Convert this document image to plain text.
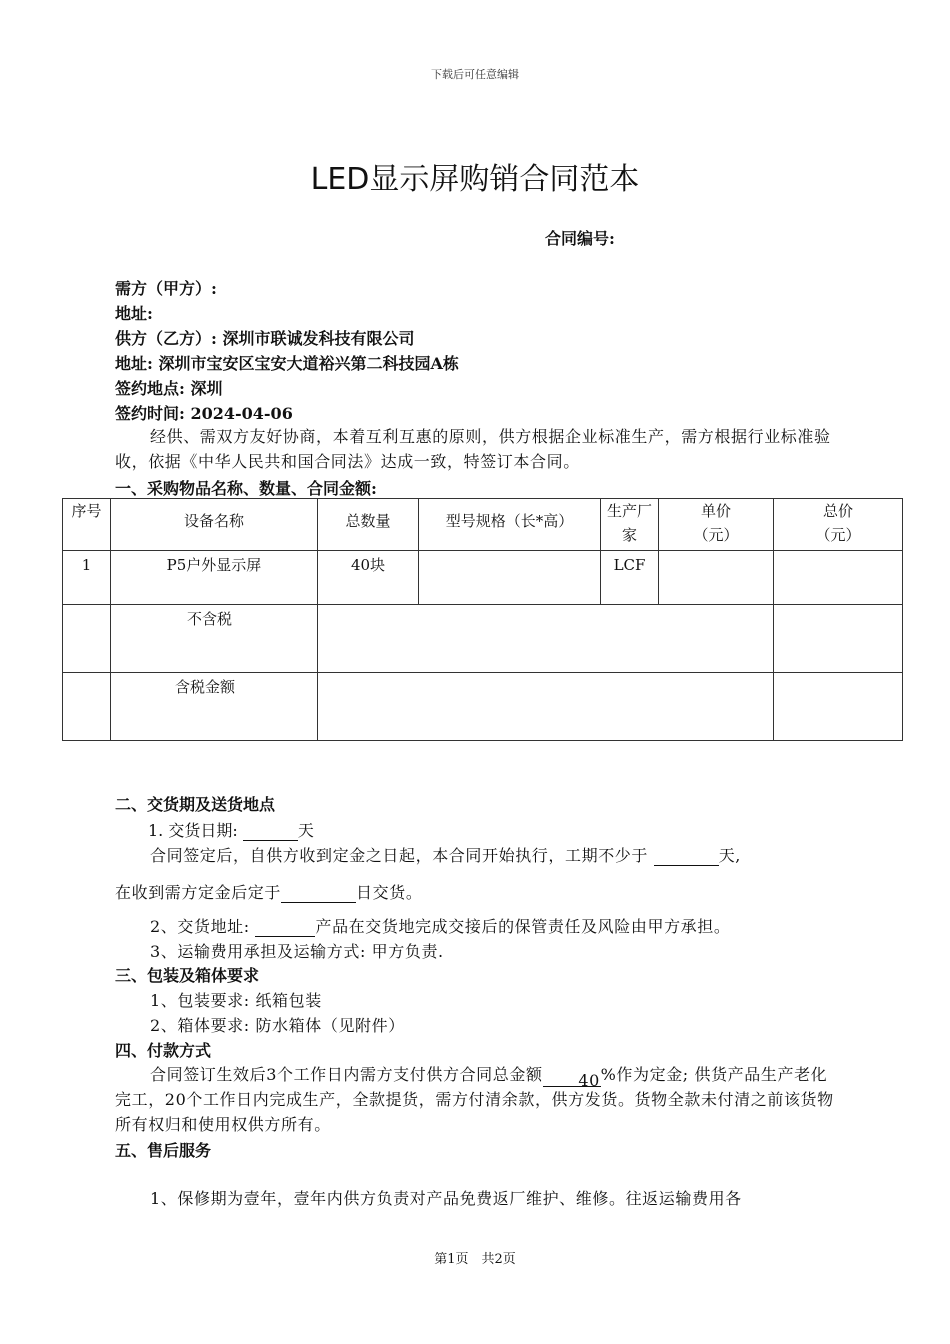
下载后可任意编辑
LED显示屏购销合同范本
合同编号:
需方（甲方）:
地址:
供方（乙方）: 深圳市联诚发科技有限公司
地址: 深圳市宝安区宝安大道裕兴第二科技园A栋
签约地点: 深圳
签约时间: 2024-04-06
经供、需双方友好协商，本着互利互惠的原则，供方根据企业标准生产，需方根据行业标准验收，依据《中华人民共和国合同法》达成一致，特签订本合同。
一、采购物品名称、数量、合同金额:
序号	设备名称	总数量	型号规格（长*高）	生产厂家	单价（元）	总价（元）
1	P5户外显示屏	40块		LCF		
	不含税					
	含税金额					
二、交货期及送货地点
1. 交货日期:	天
合同签定后，自供方收到定金之日起，本合同开始执行，工期不少于	天,
在收到需方定金后定于	日交货。
2、交货地址:	产品在交货地完成交接后的保管责任及风险由甲方承担。
3、运输费用承担及运输方式: 甲方负责.
三、包装及箱体要求
1、包装要求: 纸箱包装
2、箱体要求: 防水箱体（见附件）
四、付款方式
合同签订生效后3个工作日内需方支付供方合同总金额 40%作为定金; 供货产品生产老化完工，20个工作日内完成生产，全款提货，需方付清余款，供方发货。货物全款未付清之前该货物所有权归和使用权供方所有。
五、售后服务
1、保修期为壹年，壹年内供方负责对产品免费返厂维护、维修。往返运输费用各
第1页　共2页
